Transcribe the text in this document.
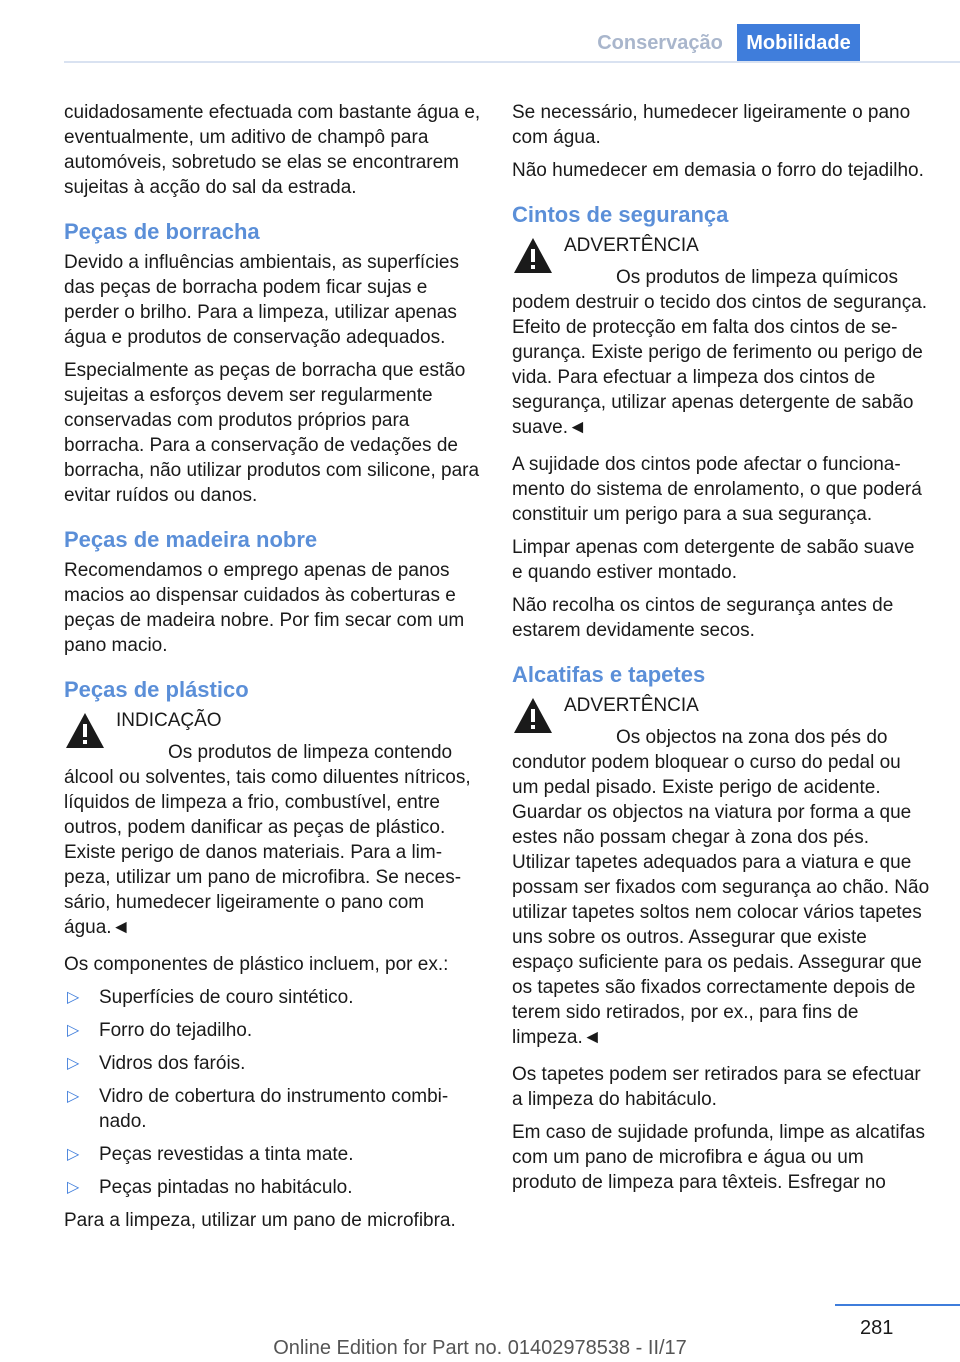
Conservação	Mobilidade

cuidadosamente efectuada com bastante água e, eventualmente, um aditivo de champô para automóveis, sobretudo se elas se encontrarem sujeitas à acção do sal da estrada.

Peças de borracha

Devido a influências ambientais, as superfícies das peças de borracha podem ficar sujas e perder o brilho. Para a limpeza, utilizar apenas água e produtos de conservação adequados.

Especialmente as peças de borracha que estão sujeitas a esforços devem ser regularmente conservadas com produtos próprios para borracha. Para a conservação de vedações de borracha, não utilizar produtos com silicone, para evitar ruídos ou danos.

Peças de madeira nobre

Recomendamos o emprego apenas de panos macios ao dispensar cuidados às coberturas e peças de madeira nobre. Por fim secar com um pano macio.

Peças de plástico

INDICAÇÃO

Os produtos de limpeza contendo álcool ou solventes, tais como diluentes nítricos, líquidos de limpeza a frio, combustível, entre outros, podem danificar as peças de plástico. Existe perigo de danos materiais. Para a limpeza, utilizar um pano de microfibra. Se necessário, humedecer ligeiramente o pano com água.◄

Os componentes de plástico incluem, por ex.:

▷ Superfícies de couro sintético.
▷ Forro do tejadilho.
▷ Vidros dos faróis.
▷ Vidro de cobertura do instrumento combinado.
▷ Peças revestidas a tinta mate.
▷ Peças pintadas no habitáculo.

Para a limpeza, utilizar um pano de microfibra.

Se necessário, humedecer ligeiramente o pano com água.

Não humedecer em demasia o forro do tejadilho.

Cintos de segurança

ADVERTÊNCIA

Os produtos de limpeza químicos podem destruir o tecido dos cintos de segurança. Efeito de protecção em falta dos cintos de segurança. Existe perigo de ferimento ou perigo de vida. Para efectuar a limpeza dos cintos de segurança, utilizar apenas detergente de sabão suave.◄

A sujidade dos cintos pode afectar o funcionamento do sistema de enrolamento, o que poderá constituir um perigo para a sua segurança.

Limpar apenas com detergente de sabão suave e quando estiver montado.

Não recolha os cintos de segurança antes de estarem devidamente secos.

Alcatifas e tapetes

ADVERTÊNCIA

Os objectos na zona dos pés do condutor podem bloquear o curso do pedal ou um pedal pisado. Existe perigo de acidente. Guardar os objectos na viatura por forma a que estes não possam chegar à zona dos pés. Utilizar tapetes adequados para a viatura e que possam ser fixados com segurança ao chão. Não utilizar tapetes soltos nem colocar vários tapetes uns sobre os outros. Assegurar que existe espaço suficiente para os pedais. Assegurar que os tapetes são fixados correctamente depois de terem sido retirados, por ex., para fins de limpeza.◄

Os tapetes podem ser retirados para se efectuar a limpeza do habitáculo.

Em caso de sujidade profunda, limpe as alcatifas com um pano de microfibra e água ou um produto de limpeza para têxteis. Esfregar no

281
Online Edition for Part no. 01402978538 - II/17
